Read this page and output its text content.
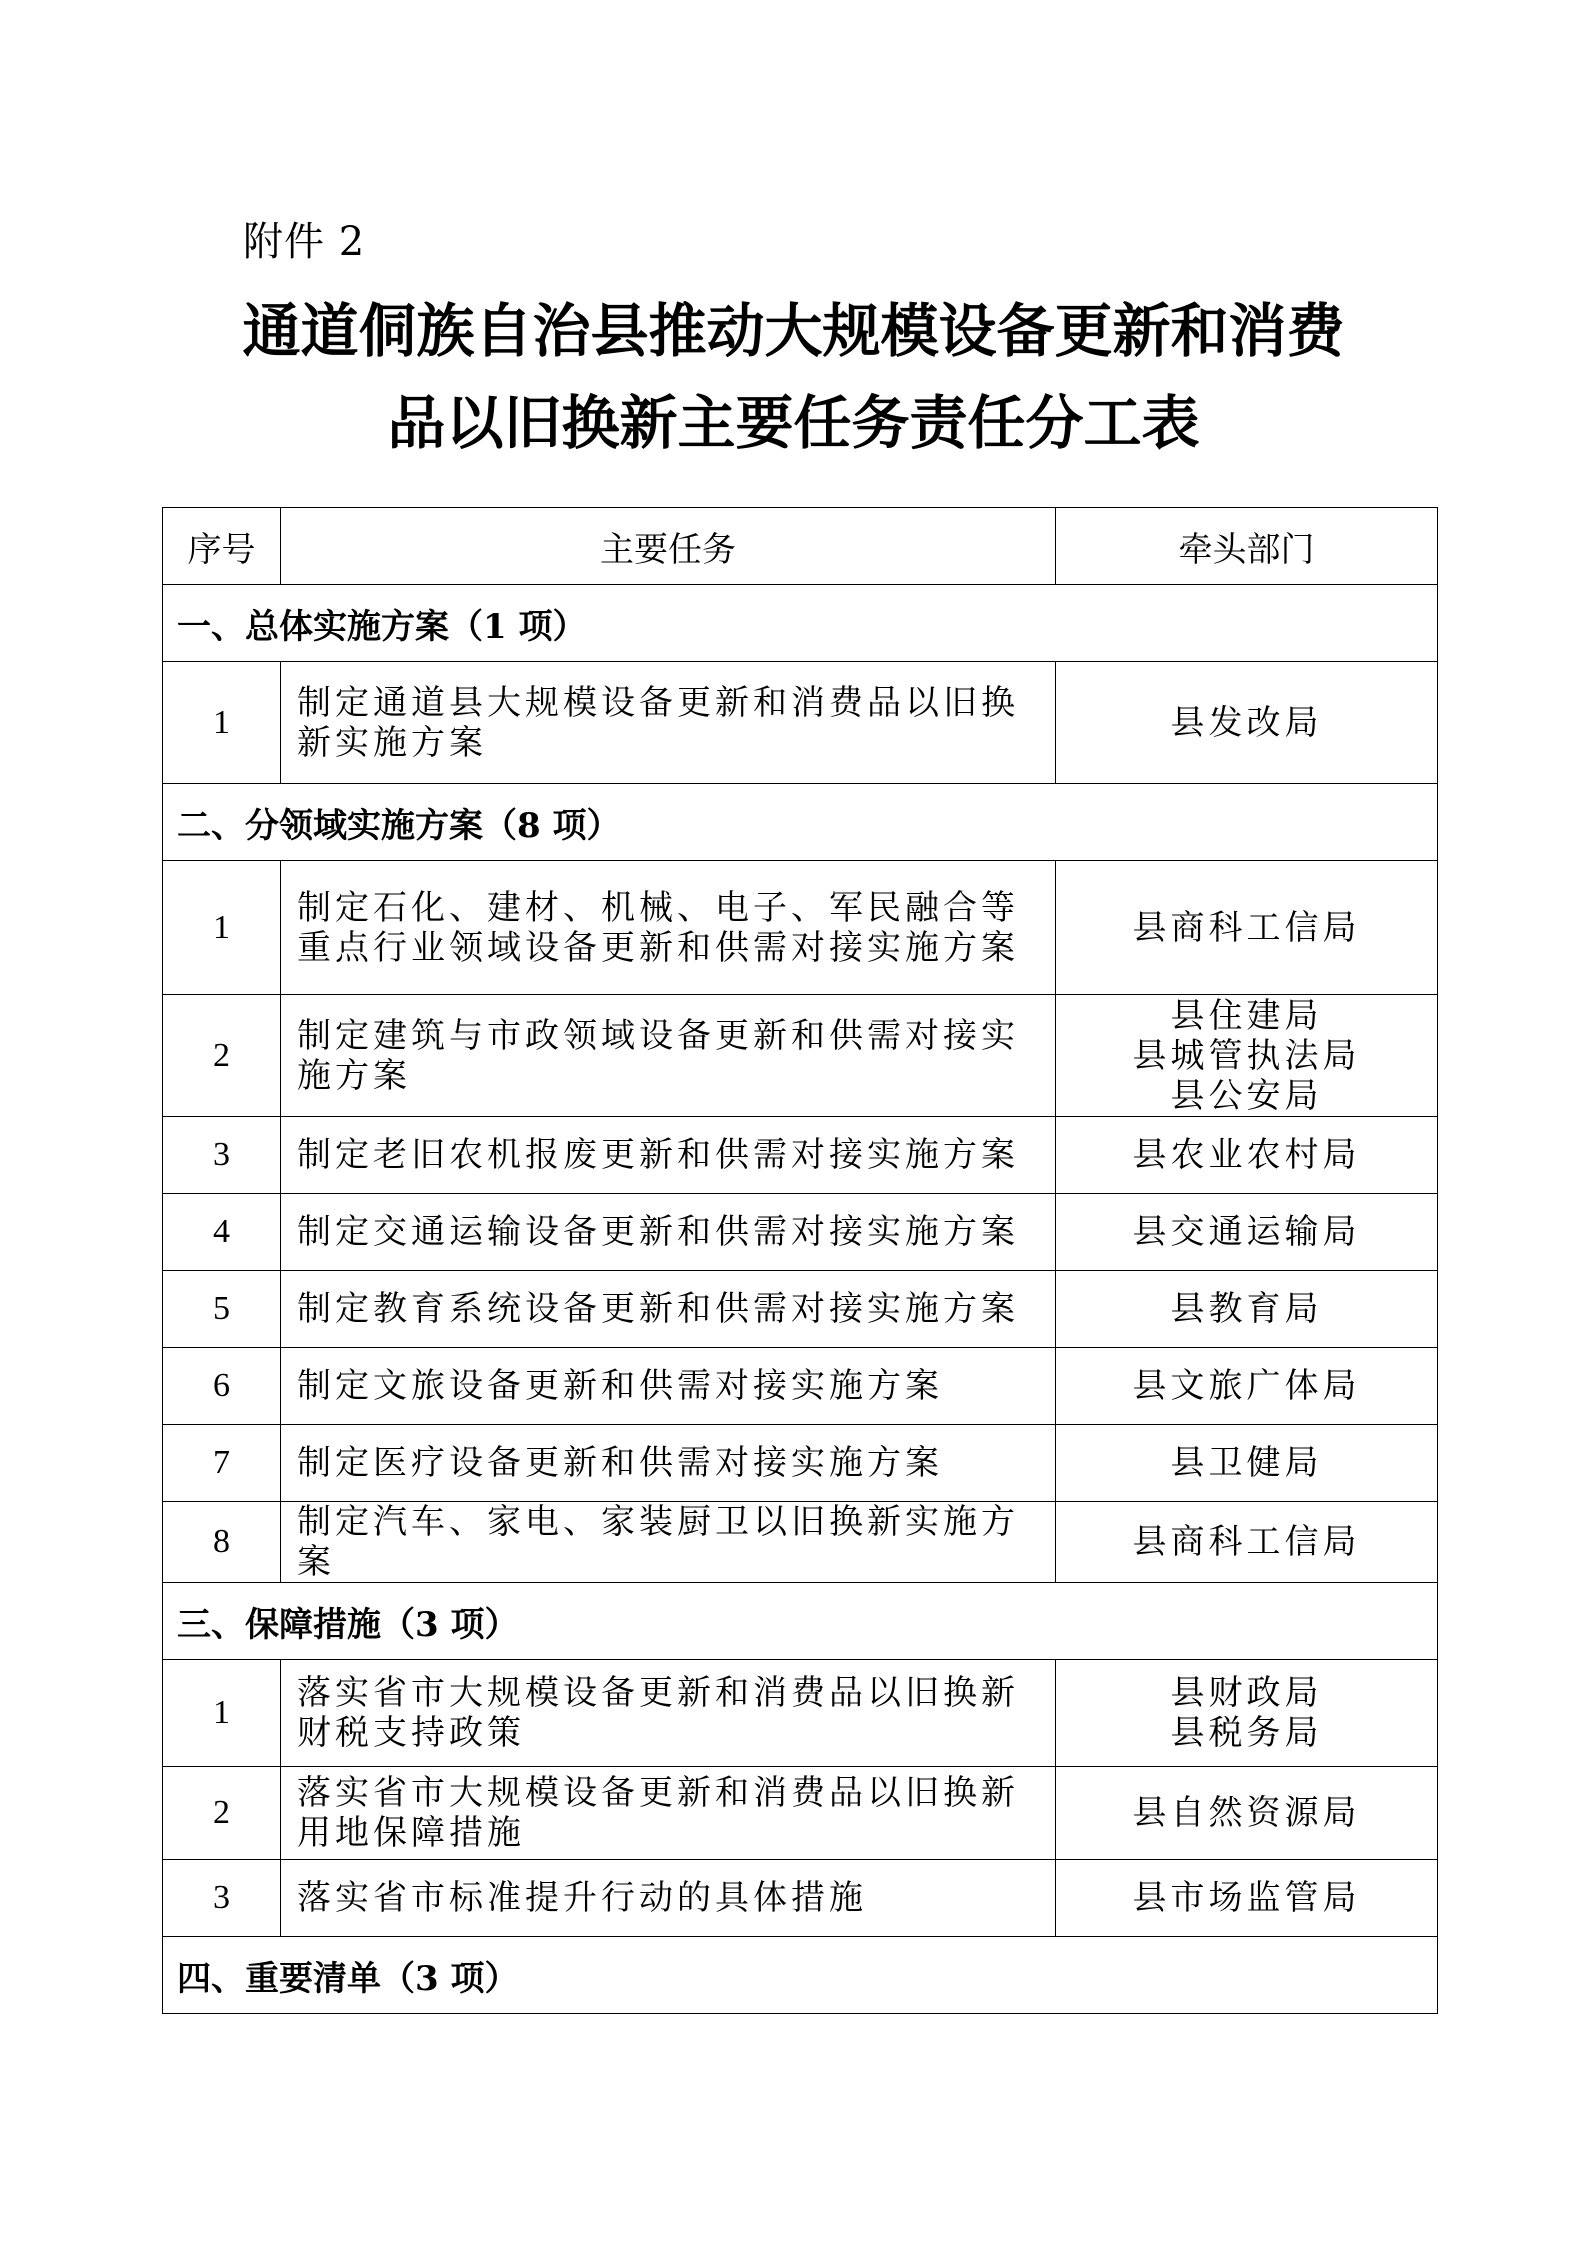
附件 2
通道侗族自治县推动大规模设备更新和消费
品以旧换新主要任务责任分工表
序号	主要任务	牵头部门
一、总体实施方案（1 项）		
1	制定通道县大规模设备更新和消费品以旧换新实施方案	县发改局

二、分领域实施方案（8 项）		
1	制定石化、建材、机械、电子、军民融合等重点行业领域设备更新和供需对接实施方案	县商科工信局

2	制定建筑与市政领域设备更新和供需对接实施方案	县住建局
县城管执法局
县公安局

3	制定老旧农机报废更新和供需对接实施方案	县农业农村局

4	制定交通运输设备更新和供需对接实施方案	县交通运输局

5	制定教育系统设备更新和供需对接实施方案	县教育局

6	制定文旅设备更新和供需对接实施方案	县文旅广体局

7	制定医疗设备更新和供需对接实施方案	县卫健局

8	制定汽车、家电、家装厨卫以旧换新实施方案	县商科工信局

三、保障措施（3 项）		
1	落实省市大规模设备更新和消费品以旧换新财税支持政策	县财政局
县税务局

2	落实省市大规模设备更新和消费品以旧换新用地保障措施	县自然资源局

3	落实省市标准提升行动的具体措施	县市场监管局

四、重要清单（3 项）		
